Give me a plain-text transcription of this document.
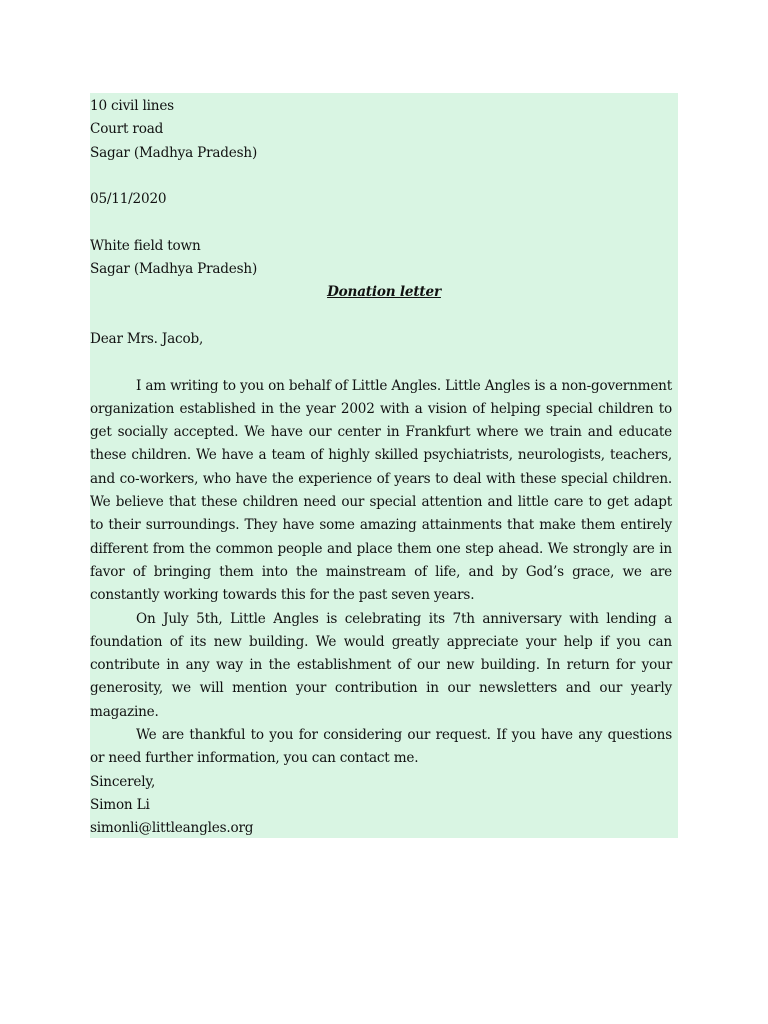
10 civil lines
Court road
Sagar (Madhya Pradesh)
05/11/2020
White field town
Sagar (Madhya Pradesh)
Donation letter
Dear Mrs. Jacob,

I am writing to you on behalf of Little Angles. Little Angles is a non-government organization established in the year 2002 with a vision of helping special children to get socially accepted. We have our center in Frankfurt where we train and educate these children. We have a team of highly skilled psychiatrists, neurologists, teachers, and co-workers, who have the experience of years to deal with these special children. We believe that these children need our special attention and little care to get adapt to their surroundings. They have some amazing attainments that make them entirely different from the common people and place them one step ahead. We strongly are in favor of bringing them into the mainstream of life, and by God’s grace, we are constantly working towards this for the past seven years.

On July 5th, Little Angles is celebrating its 7th anniversary with lending a foundation of its new building. We would greatly appreciate your help if you can contribute in any way in the establishment of our new building. In return for your generosity, we will mention your contribution in our newsletters and our yearly magazine.

We are thankful to you for considering our request. If you have any questions or need further information, you can contact me.

Sincerely,
Simon Li
simonli@littleangles.org
